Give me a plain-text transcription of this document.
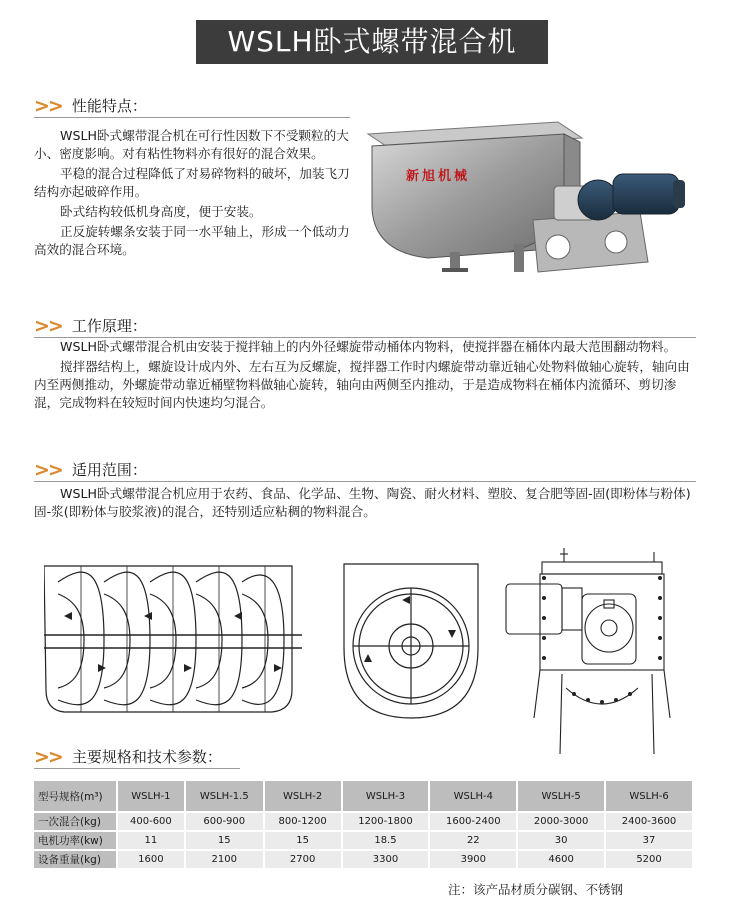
WSLH卧式螺带混合机
>> 性能特点：

WSLH卧式螺带混合机在可行性因数下不受颗粒的大小、密度影响。对有粘性物料亦有很好的混合效果。

平稳的混合过程降低了对易碎物料的破坏，加装飞刀结构亦起破碎作用。

卧式结构较低机身高度，便于安装。

正反旋转螺条安装于同一水平轴上，形成一个低动力高效的混合环境。

新旭机械
>> 工作原理：

WSLH卧式螺带混合机由安装于搅拌轴上的内外径螺旋带动桶体内物料，使搅拌器在桶体内最大范围翻动物料。

搅拌器结构上，螺旋设计成内外、左右互为反螺旋，搅拌器工作时内螺旋带动靠近轴心处物料做轴心旋转，轴向由内至两侧推动，外螺旋带动靠近桶壁物料做轴心旋转，轴向由两侧至内推动，于是造成物料在桶体内流循环、剪切渗混，完成物料在较短时间内快速均匀混合。

>> 适用范围：

WSLH卧式螺带混合机应用于农药、食品、化学品、生物、陶瓷、耐火材料、塑胶、复合肥等固-固(即粉体与粉体)固-浆(即粉体与胶浆液)的混合，还特别适应粘稠的物料混合。

>> 主要规格和技术参数：
型号规格(m³)	WSLH-1	WSLH-1.5	WSLH-2	WSLH-3	WSLH-4	WSLH-5	WSLH-6
一次混合(kg)	400-600	600-900	800-1200	1200-1800	1600-2400	2000-3000	2400-3600
电机功率(kw)	11	15	15	18.5	22	30	37
设备重量(kg)	1600	2100	2700	3300	3900	4600	5200
注：该产品材质分碳钢、不锈钢
